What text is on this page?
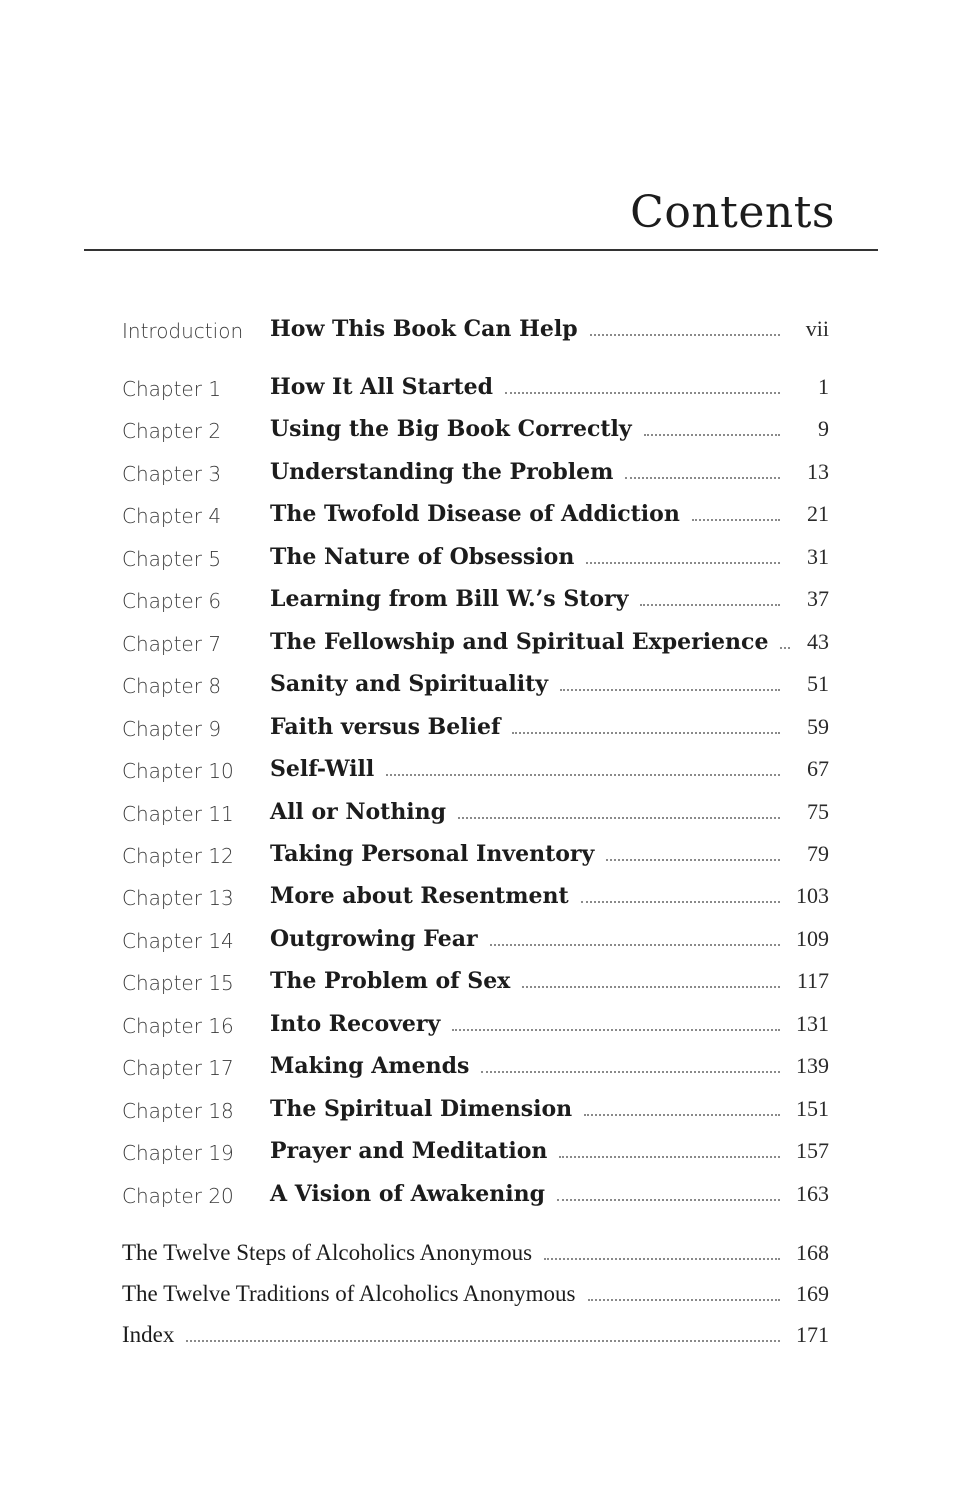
Contents
Introduction How This Book Can Help	vii
Chapter 1 How It All Started	1
Chapter 2 Using the Big Book Correctly	9
Chapter 3 Understanding the Problem	13
Chapter 4 The Twofold Disease of Addiction	21
Chapter 5 The Nature of Obsession	31
Chapter 6 Learning from Bill W.’s Story	37
Chapter 7 The Fellowship and Spiritual Experience	43
Chapter 8 Sanity and Spirituality	51
Chapter 9 Faith versus Belief	59
Chapter 10 Self-Will	67
Chapter 11 All or Nothing	75
Chapter 12 Taking Personal Inventory	79
Chapter 13 More about Resentment	103
Chapter 14 Outgrowing Fear	109
Chapter 15 The Problem of Sex	117
Chapter 16 Into Recovery	131
Chapter 17 Making Amends	139
Chapter 18 The Spiritual Dimension	151
Chapter 19 Prayer and Meditation	157
Chapter 20 A Vision of Awakening	163
The Twelve Steps of Alcoholics Anonymous	168
The Twelve Traditions of Alcoholics Anonymous	169
Index	171
